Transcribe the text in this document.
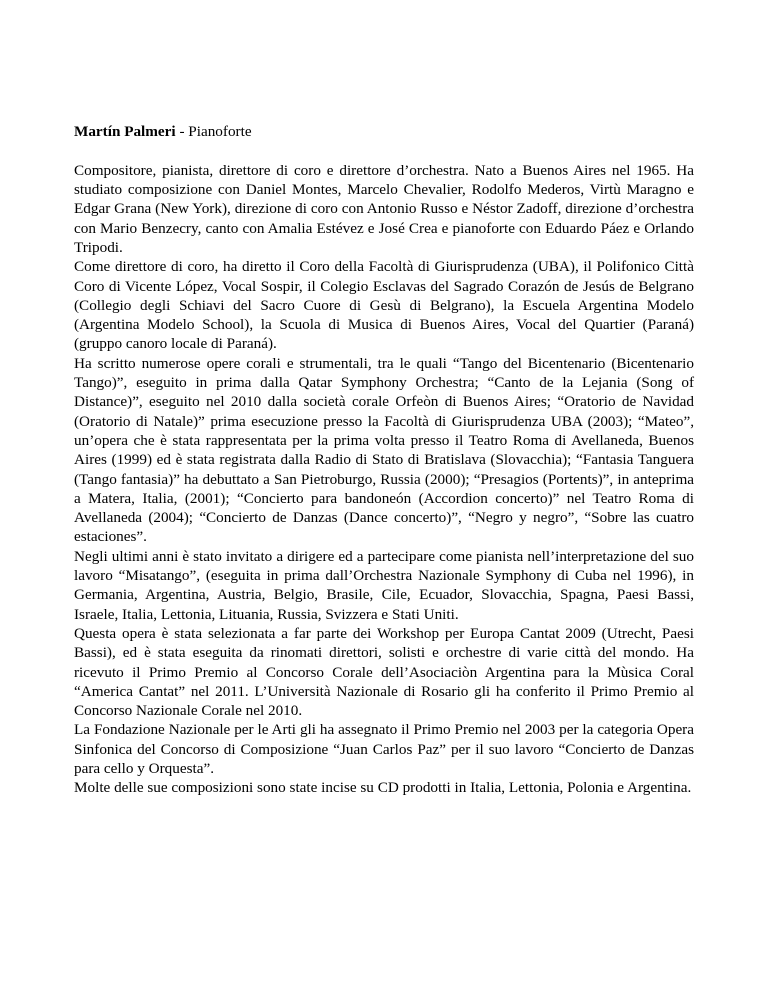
Martín Palmeri - Pianoforte

Compositore, pianista, direttore di coro e direttore d’orchestra. Nato a Buenos Aires nel 1965. Ha studiato composizione con Daniel Montes, Marcelo Chevalier, Rodolfo Mederos, Virtù Maragno e Edgar Grana (New York), direzione di coro con Antonio Russo e Néstor Zadoff, direzione d’orchestra con Mario Benzecry, canto con Amalia Estévez e José Crea e pianoforte con Eduardo Páez e Orlando Tripodi.

Come direttore di coro, ha diretto il Coro della Facoltà di Giurisprudenza (UBA), il Polifonico Città Coro di Vicente López, Vocal Sospir, il Colegio Esclavas del Sagrado Corazón de Jesús de Belgrano (Collegio degli Schiavi del Sacro Cuore di Gesù di Belgrano), la Escuela Argentina Modelo (Argentina Modelo School), la Scuola di Musica di Buenos Aires, Vocal del Quartier (Paraná) (gruppo canoro locale di Paraná).

Ha scritto numerose opere corali e strumentali, tra le quali “Tango del Bicentenario (Bicentenario Tango)”, eseguito in prima dalla Qatar Symphony Orchestra; “Canto de la Lejania (Song of Distance)”, eseguito nel 2010 dalla società corale Orfeòn di Buenos Aires; “Oratorio de Navidad (Oratorio di Natale)” prima esecuzione presso la Facoltà di Giurisprudenza UBA (2003); “Mateo”, un’opera che è stata rappresentata per la prima volta presso il Teatro Roma di Avellaneda, Buenos Aires (1999) ed è stata registrata dalla Radio di Stato di Bratislava (Slovacchia); “Fantasia Tanguera (Tango fantasia)” ha debuttato a San Pietroburgo, Russia (2000); “Presagios (Portents)”, in anteprima a Matera, Italia, (2001); “Concierto para bandoneón (Accordion concerto)” nel Teatro Roma di Avellaneda (2004); “Concierto de Danzas (Dance concerto)”, “Negro y negro”, “Sobre las cuatro estaciones”.

Negli ultimi anni è stato invitato a dirigere ed a partecipare come pianista nell’interpretazione del suo lavoro “Misatango”, (eseguita in prima dall’Orchestra Nazionale Symphony di Cuba nel 1996), in Germania, Argentina, Austria, Belgio, Brasile, Cile, Ecuador, Slovacchia, Spagna, Paesi Bassi, Israele, Italia, Lettonia, Lituania, Russia, Svizzera e Stati Uniti.

Questa opera è stata selezionata a far parte dei Workshop per Europa Cantat 2009 (Utrecht, Paesi Bassi), ed è stata eseguita da rinomati direttori, solisti e orchestre di varie città del mondo. Ha ricevuto il Primo Premio al Concorso Corale dell’Asociaciòn Argentina para la Mùsica Coral “America Cantat” nel 2011. L’Università Nazionale di Rosario gli ha conferito il Primo Premio al Concorso Nazionale Corale nel 2010.

La Fondazione Nazionale per le Arti gli ha assegnato il Primo Premio nel 2003 per la categoria Opera Sinfonica del Concorso di Composizione “Juan Carlos Paz” per il suo lavoro “Concierto de Danzas para cello y Orquesta”.

Molte delle sue composizioni sono state incise su CD prodotti in Italia, Lettonia, Polonia e Argentina.
